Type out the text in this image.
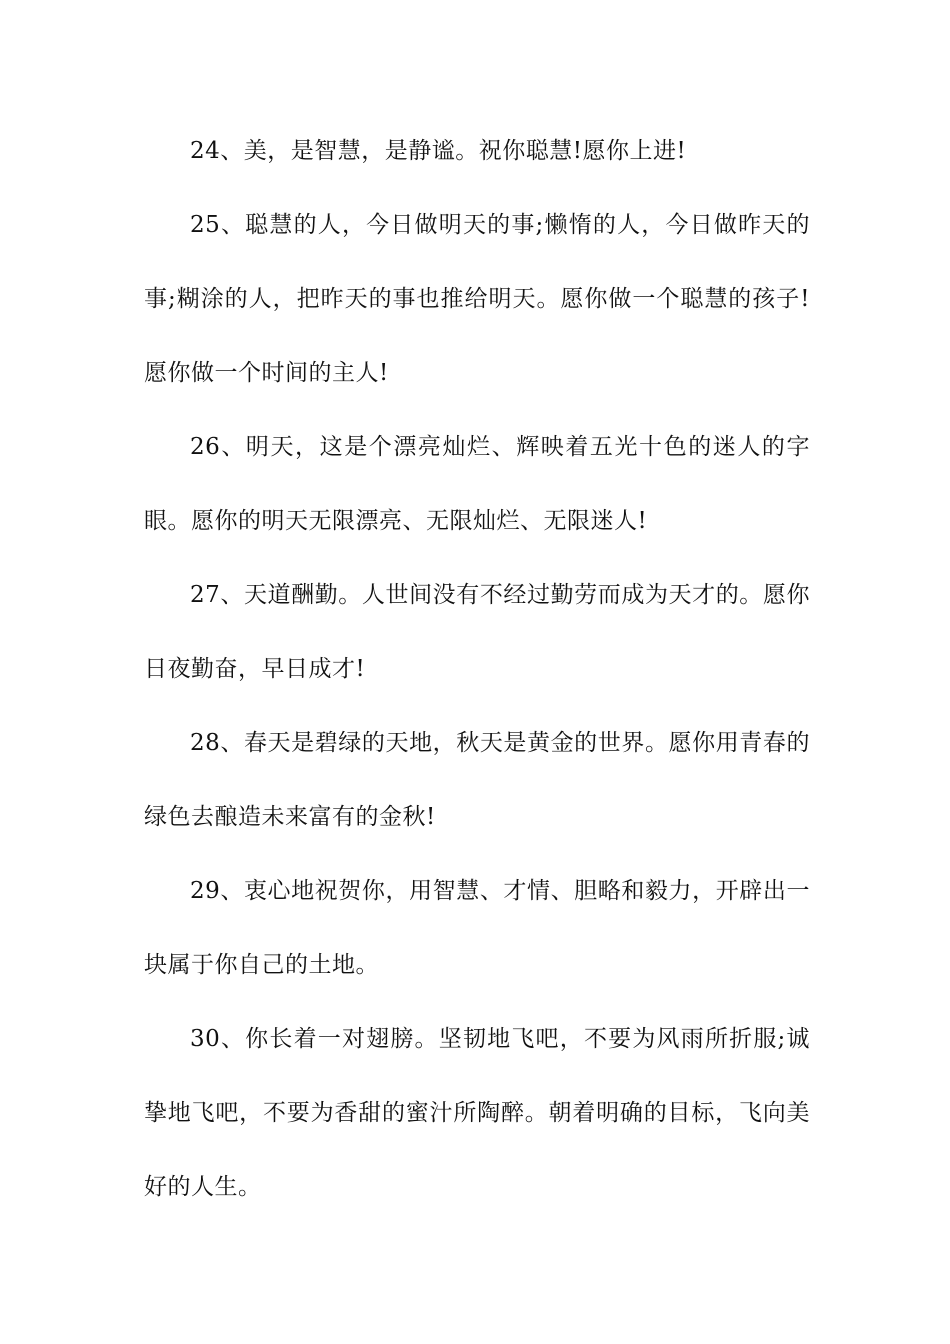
24、美，是智慧，是静谧。祝你聪慧!愿你上进!

25、聪慧的人，今日做明天的事;懒惰的人，今日做昨天的事;糊涂的人，把昨天的事也推给明天。愿你做一个聪慧的孩子!愿你做一个时间的主人!

26、明天，这是个漂亮灿烂、辉映着五光十色的迷人的字眼。愿你的明天无限漂亮、无限灿烂、无限迷人!

27、天道酬勤。人世间没有不经过勤劳而成为天才的。愿你日夜勤奋，早日成才!

28、春天是碧绿的天地，秋天是黄金的世界。愿你用青春的绿色去酿造未来富有的金秋!

29、衷心地祝贺你，用智慧、才情、胆略和毅力，开辟出一块属于你自己的土地。

30、你长着一对翅膀。坚韧地飞吧，不要为风雨所折服;诚挚地飞吧，不要为香甜的蜜汁所陶醉。朝着明确的目标，飞向美好的人生。
